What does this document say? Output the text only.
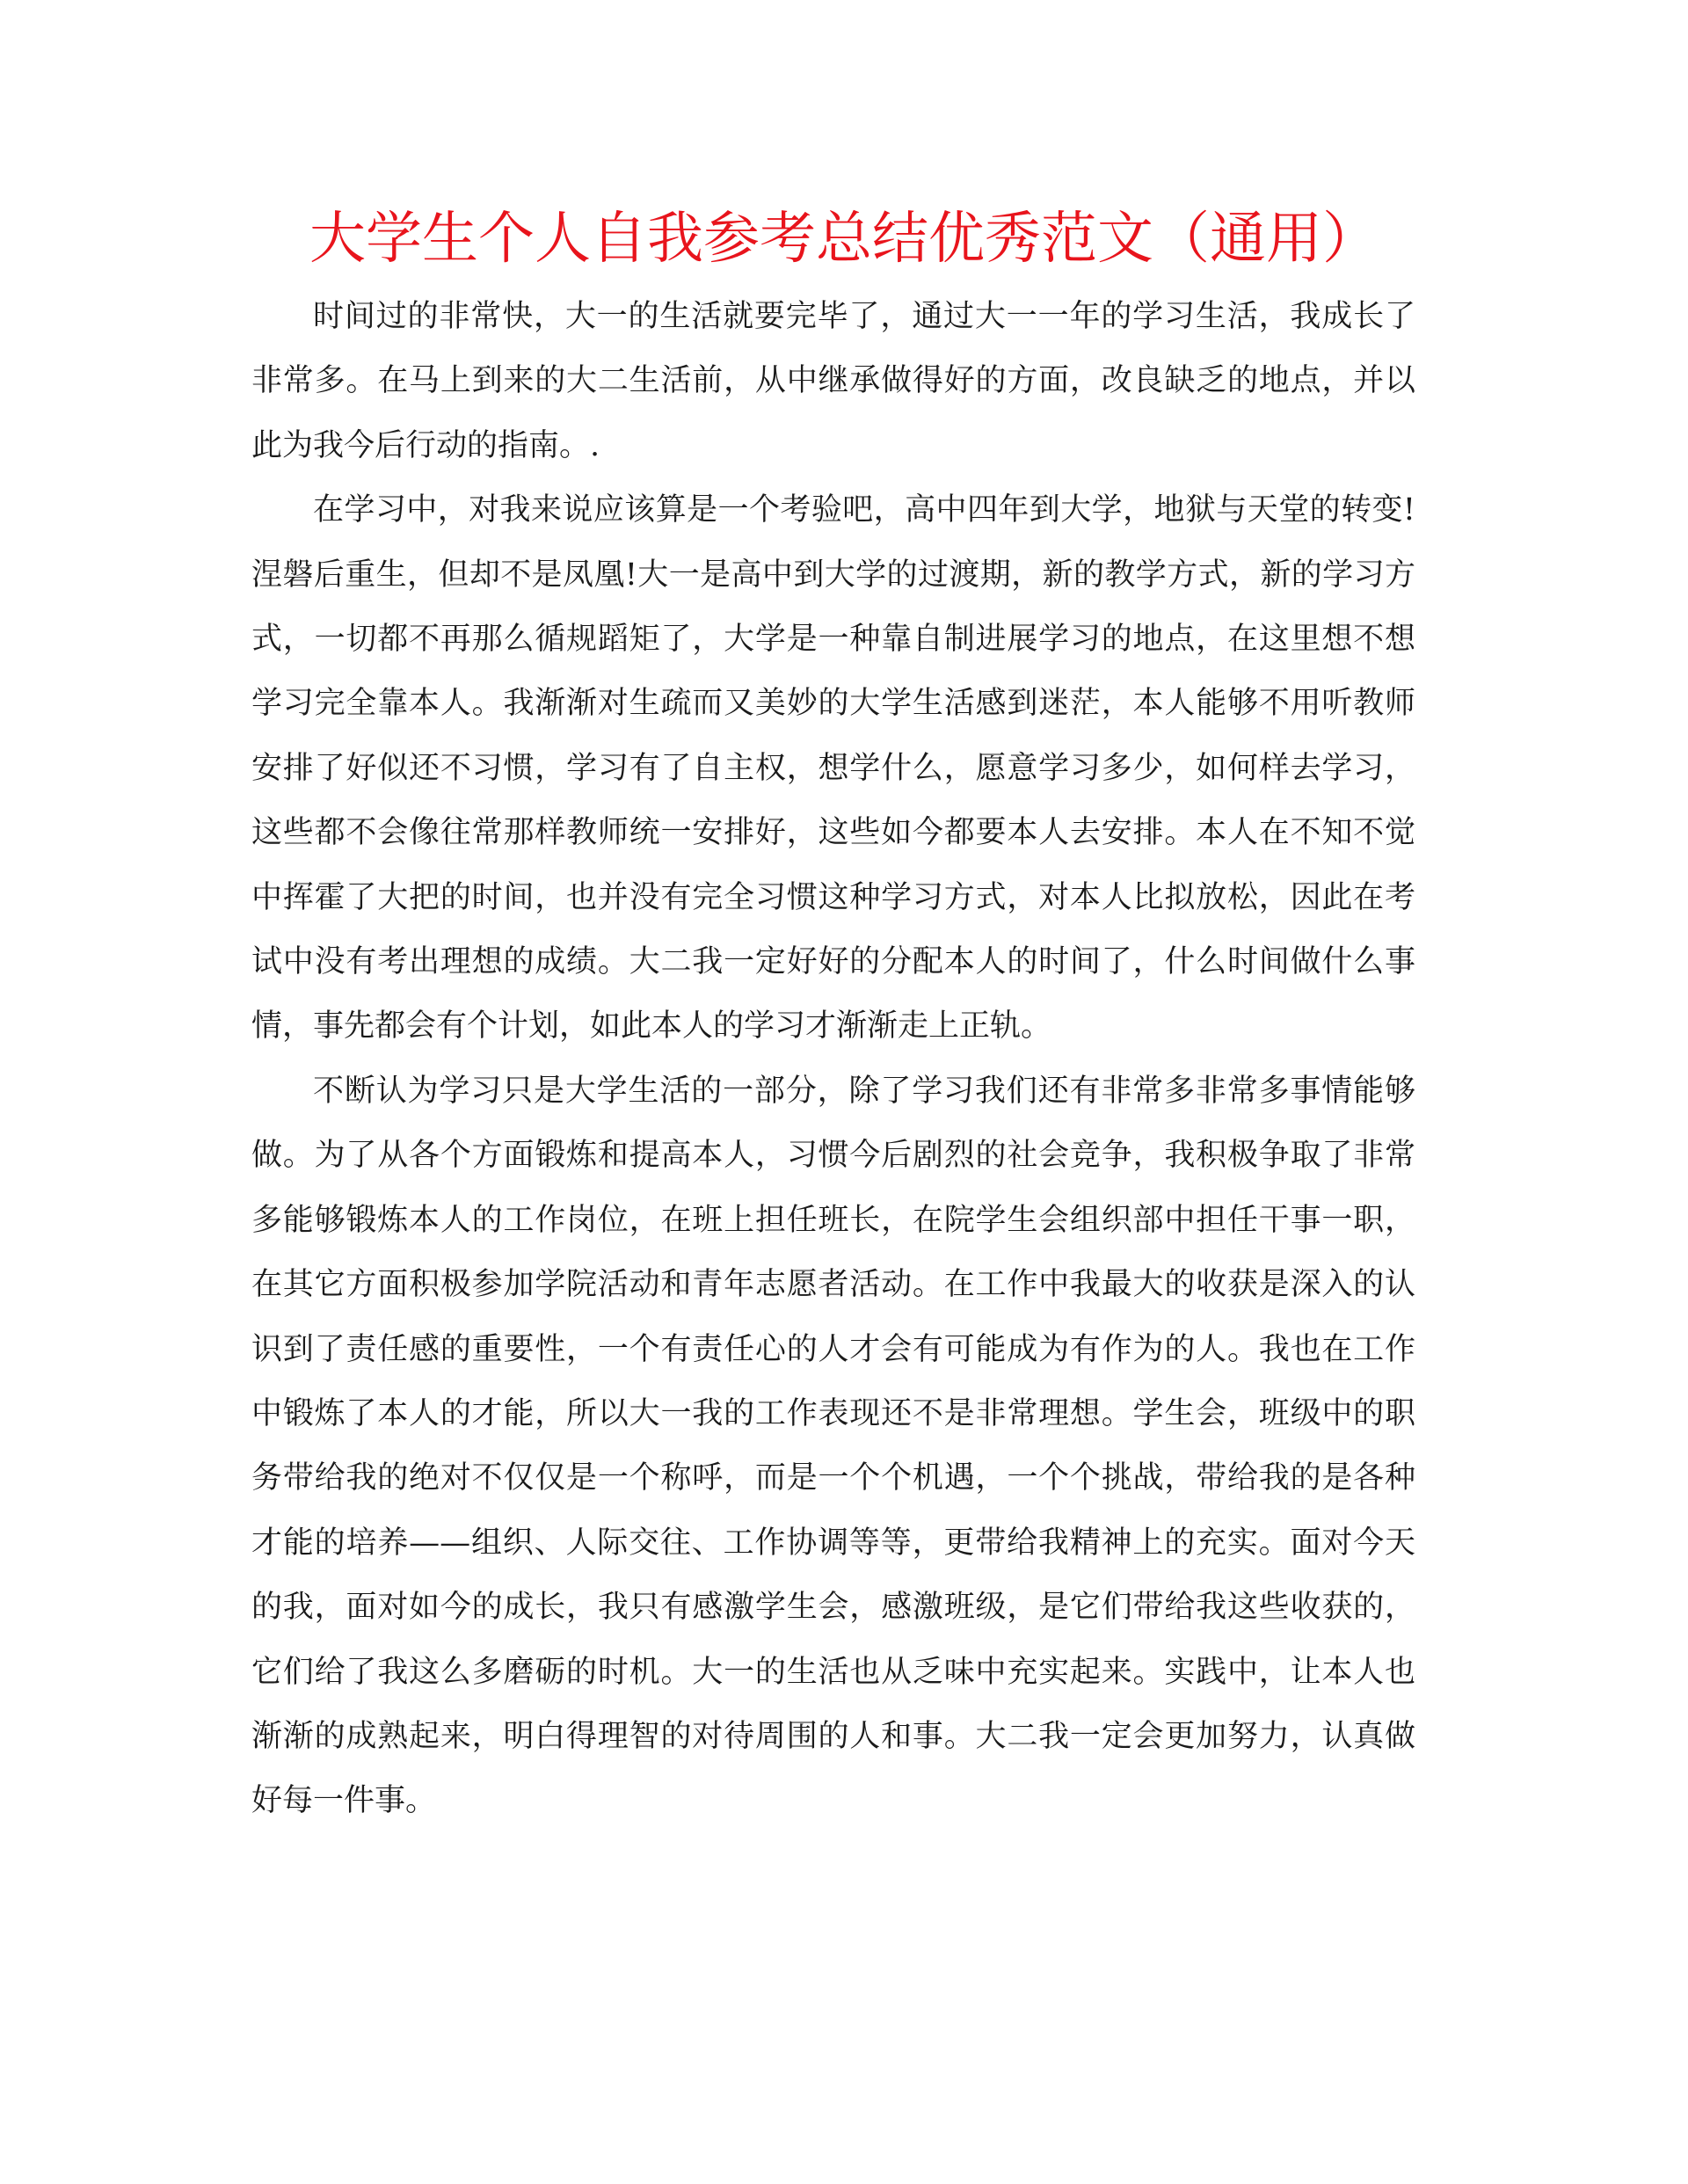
大学生个人自我参考总结优秀范文（通用）

时间过的非常快，大一的生活就要完毕了，通过大一一年的学习生活，我成长了非常多。在马上到来的大二生活前，从中继承做得好的方面，改良缺乏的地点，并以此为我今后行动的指南。.

在学习中，对我来说应该算是一个考验吧，高中四年到大学，地狱与天堂的转变!涅磐后重生，但却不是凤凰!大一是高中到大学的过渡期，新的教学方式，新的学习方式，一切都不再那么循规蹈矩了，大学是一种靠自制进展学习的地点，在这里想不想学习完全靠本人。我渐渐对生疏而又美妙的大学生活感到迷茫，本人能够不用听教师安排了好似还不习惯，学习有了自主权，想学什么，愿意学习多少，如何样去学习，这些都不会像往常那样教师统一安排好，这些如今都要本人去安排。本人在不知不觉中挥霍了大把的时间，也并没有完全习惯这种学习方式，对本人比拟放松，因此在考试中没有考出理想的成绩。大二我一定好好的分配本人的时间了，什么时间做什么事情，事先都会有个计划，如此本人的学习才渐渐走上正轨。

不断认为学习只是大学生活的一部分，除了学习我们还有非常多非常多事情能够做。为了从各个方面锻炼和提高本人，习惯今后剧烈的社会竞争，我积极争取了非常多能够锻炼本人的工作岗位，在班上担任班长，在院学生会组织部中担任干事一职，在其它方面积极参加学院活动和青年志愿者活动。在工作中我最大的收获是深入的认识到了责任感的重要性，一个有责任心的人才会有可能成为有作为的人。我也在工作中锻炼了本人的才能，所以大一我的工作表现还不是非常理想。学生会，班级中的职务带给我的绝对不仅仅是一个称呼，而是一个个机遇，一个个挑战，带给我的是各种才能的培养——组织、人际交往、工作协调等等，更带给我精神上的充实。面对今天的我，面对如今的成长，我只有感激学生会，感激班级，是它们带给我这些收获的，它们给了我这么多磨砺的时机。大一的生活也从乏味中充实起来。实践中，让本人也渐渐的成熟起来，明白得理智的对待周围的人和事。大二我一定会更加努力，认真做好每一件事。
